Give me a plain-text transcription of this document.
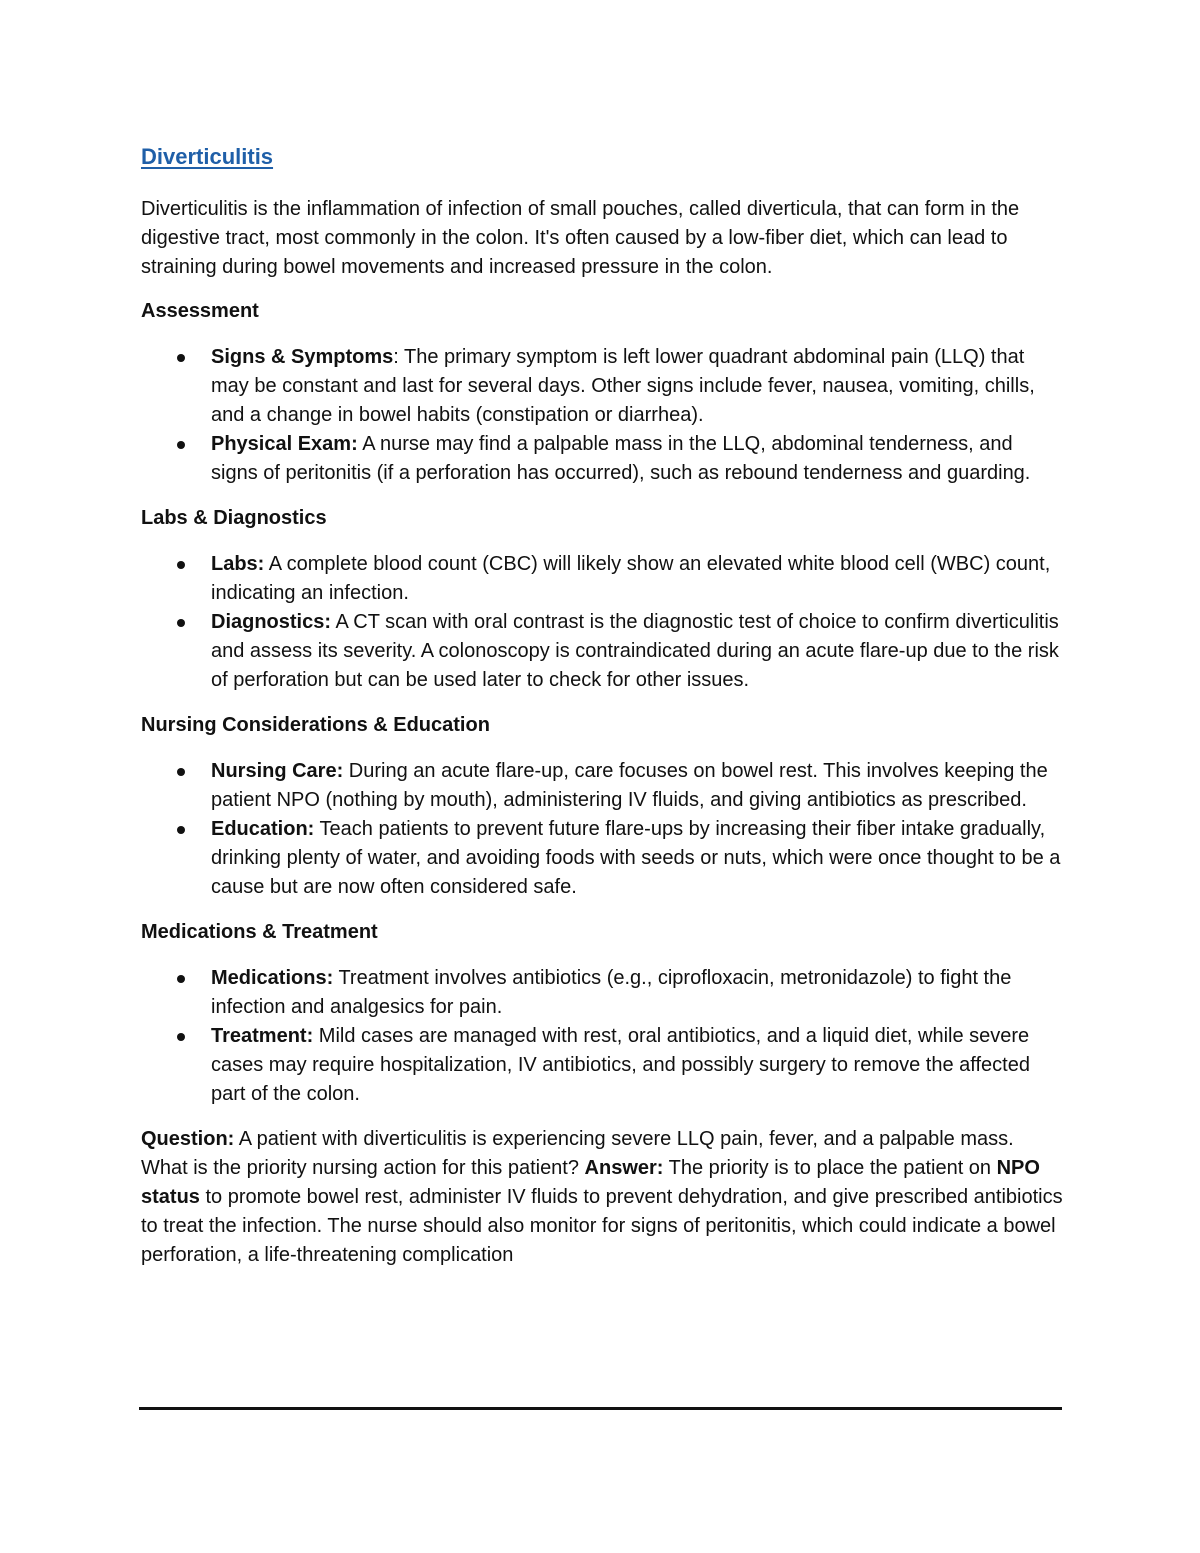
Diverticulitis

Diverticulitis is the inflammation of infection of small pouches, called diverticula, that can form in the digestive tract, most commonly in the colon. It's often caused by a low-fiber diet, which can lead to straining during bowel movements and increased pressure in the colon.

Assessment
Signs & Symptoms: The primary symptom is left lower quadrant abdominal pain (LLQ) that may be constant and last for several days. Other signs include fever, nausea, vomiting, chills, and a change in bowel habits (constipation or diarrhea).
Physical Exam: A nurse may find a palpable mass in the LLQ, abdominal tenderness, and signs of peritonitis (if a perforation has occurred), such as rebound tenderness and guarding.
Labs & Diagnostics
Labs: A complete blood count (CBC) will likely show an elevated white blood cell (WBC) count, indicating an infection.
Diagnostics: A CT scan with oral contrast is the diagnostic test of choice to confirm diverticulitis and assess its severity. A colonoscopy is contraindicated during an acute flare-up due to the risk of perforation but can be used later to check for other issues.
Nursing Considerations & Education
Nursing Care: During an acute flare-up, care focuses on bowel rest. This involves keeping the patient NPO (nothing by mouth), administering IV fluids, and giving antibiotics as prescribed.
Education: Teach patients to prevent future flare-ups by increasing their fiber intake gradually, drinking plenty of water, and avoiding foods with seeds or nuts, which were once thought to be a cause but are now often considered safe.
Medications & Treatment
Medications: Treatment involves antibiotics (e.g., ciprofloxacin, metronidazole) to fight the infection and analgesics for pain.
Treatment: Mild cases are managed with rest, oral antibiotics, and a liquid diet, while severe cases may require hospitalization, IV antibiotics, and possibly surgery to remove the affected part of the colon.

Question: A patient with diverticulitis is experiencing severe LLQ pain, fever, and a palpable mass. What is the priority nursing action for this patient? Answer: The priority is to place the patient on NPO status to promote bowel rest, administer IV fluids to prevent dehydration, and give prescribed antibiotics to treat the infection. The nurse should also monitor for signs of peritonitis, which could indicate a bowel perforation, a life-threatening complication
